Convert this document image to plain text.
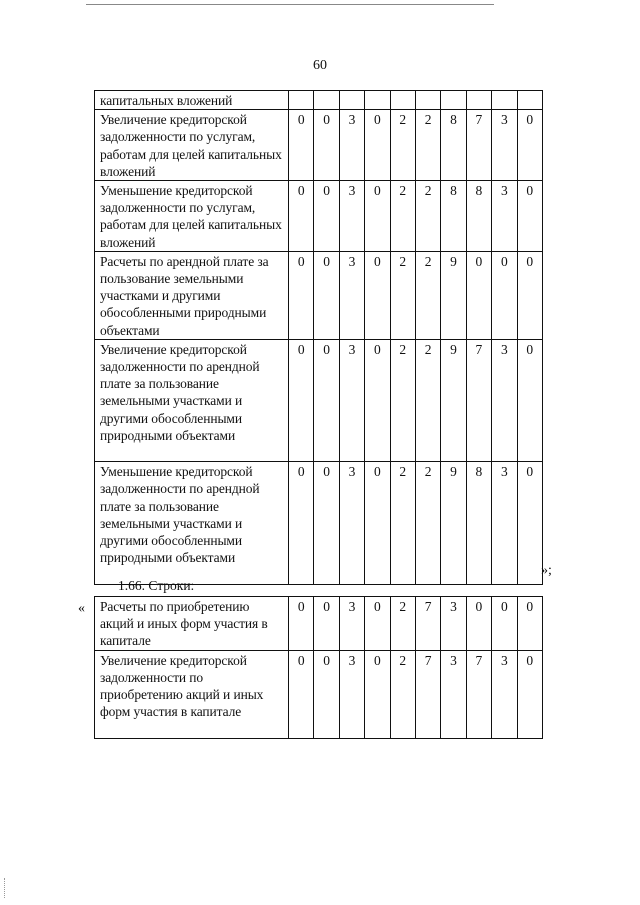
60
капитальных вложений										
Увеличение кредиторской задолженности по услугам, работам для целей капитальных вложений	0	0	3	0	2	2	8	7	3	0
Уменьшение кредиторской задолженности по услугам, работам для целей капитальных вложений	0	0	3	0	2	2	8	8	3	0
Расчеты по арендной плате за пользование земельными участками и другими обособленными природными объектами	0	0	3	0	2	2	9	0	0	0
Увеличение кредиторской задолженности по арендной плате за пользование земельными участками и другими обособленными природными объектами	0	0	3	0	2	2	9	7	3	0
Уменьшение кредиторской задолженности по арендной плате за пользование земельными участками и другими обособленными природными объектами	0	0	3	0	2	2	9	8	3	0
»;
1.66. Строки:
« Расчеты по приобретению акций и иных форм участия в капитале	0	0	3	0	2	7	3	0	0	0
Увеличение кредиторской задолженности по приобретению акций и иных форм участия в капитале	0	0	3	0	2	7	3	7	3	0
